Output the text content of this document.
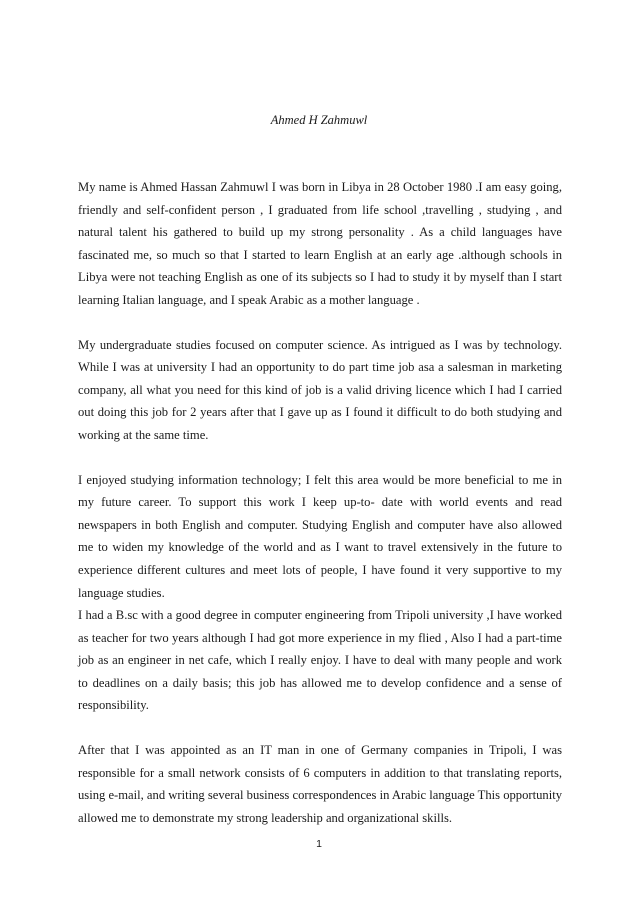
Ahmed H Zahmuwl

My name is Ahmed Hassan Zahmuwl I was born in Libya in 28 October 1980 .I am easy going, friendly and self-confident person , I graduated from life school ,travelling , studying , and natural talent his gathered to build up my strong personality . As a child languages have fascinated me, so much so that I started to learn English at an early age .although schools in Libya were not teaching English as one of its subjects so I had to study it by myself than I start learning Italian language, and I speak Arabic as a mother language .

My undergraduate studies focused on computer science. As intrigued as I was by technology. While I was at university I had an opportunity to do part time job asa a salesman in marketing company, all what you need for this kind of job is a valid driving licence which I had I carried out doing this job for 2 years after that I gave up as I found it difficult to do both studying and working at the same time.

I enjoyed studying information technology; I felt this area would be more beneficial to me in my future career. To support this work I keep up-to- date with world events and read newspapers in both English and computer. Studying English and computer have also allowed me to widen my knowledge of the world and as I want to travel extensively in the future to experience different cultures and meet lots of people, I have found it very supportive to my language studies.

I had a B.sc with a good degree in computer engineering from Tripoli university ,I have worked as teacher for two years although I had got more experience in my flied , Also I had a part-time job as an engineer in net cafe, which I really enjoy. I have to deal with many people and work to deadlines on a daily basis; this job has allowed me to develop confidence and a sense of responsibility.

After that I was appointed as an IT man in one of Germany companies in Tripoli, I was responsible for a small network consists of 6 computers in addition to that translating reports, using e-mail, and writing several business correspondences in Arabic language This opportunity allowed me to demonstrate my strong leadership and organizational skills.

1
